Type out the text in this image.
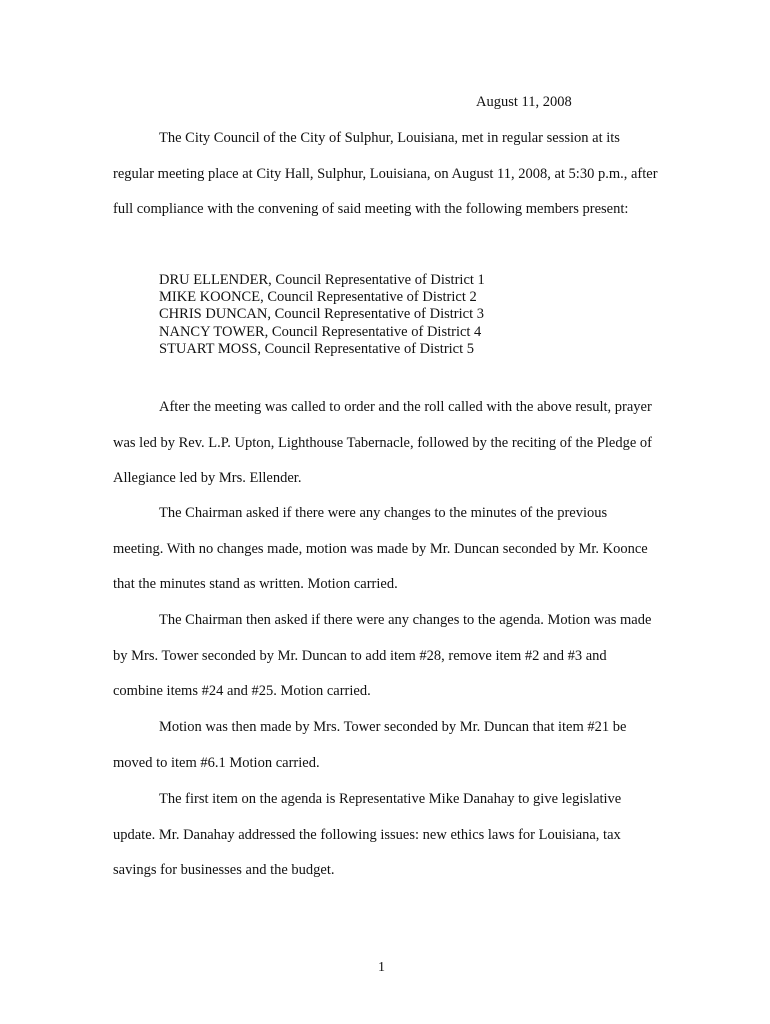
August 11, 2008

The City Council of the City of Sulphur, Louisiana, met in regular session at its regular meeting place at City Hall, Sulphur, Louisiana, on August 11, 2008, at 5:30 p.m., after full compliance with the convening of said meeting with the following members present:

DRU ELLENDER, Council Representative of District 1
MIKE KOONCE, Council Representative of District 2
CHRIS DUNCAN, Council Representative of District 3
NANCY TOWER, Council Representative of District 4
STUART MOSS, Council Representative of District 5

After the meeting was called to order and the roll called with the above result, prayer was led by Rev. L.P. Upton, Lighthouse Tabernacle, followed by the reciting of the Pledge of Allegiance led by Mrs. Ellender.

The Chairman asked if there were any changes to the minutes of the previous meeting. With no changes made, motion was made by Mr. Duncan seconded by Mr. Koonce that the minutes stand as written. Motion carried.

The Chairman then asked if there were any changes to the agenda. Motion was made by Mrs. Tower seconded by Mr. Duncan to add item #28, remove item #2 and #3 and combine items #24 and #25. Motion carried.

Motion was then made by Mrs. Tower seconded by Mr. Duncan that item #21 be moved to item #6.1 Motion carried.

The first item on the agenda is Representative Mike Danahay to give legislative update. Mr. Danahay addressed the following issues: new ethics laws for Louisiana, tax savings for businesses and the budget.

1
